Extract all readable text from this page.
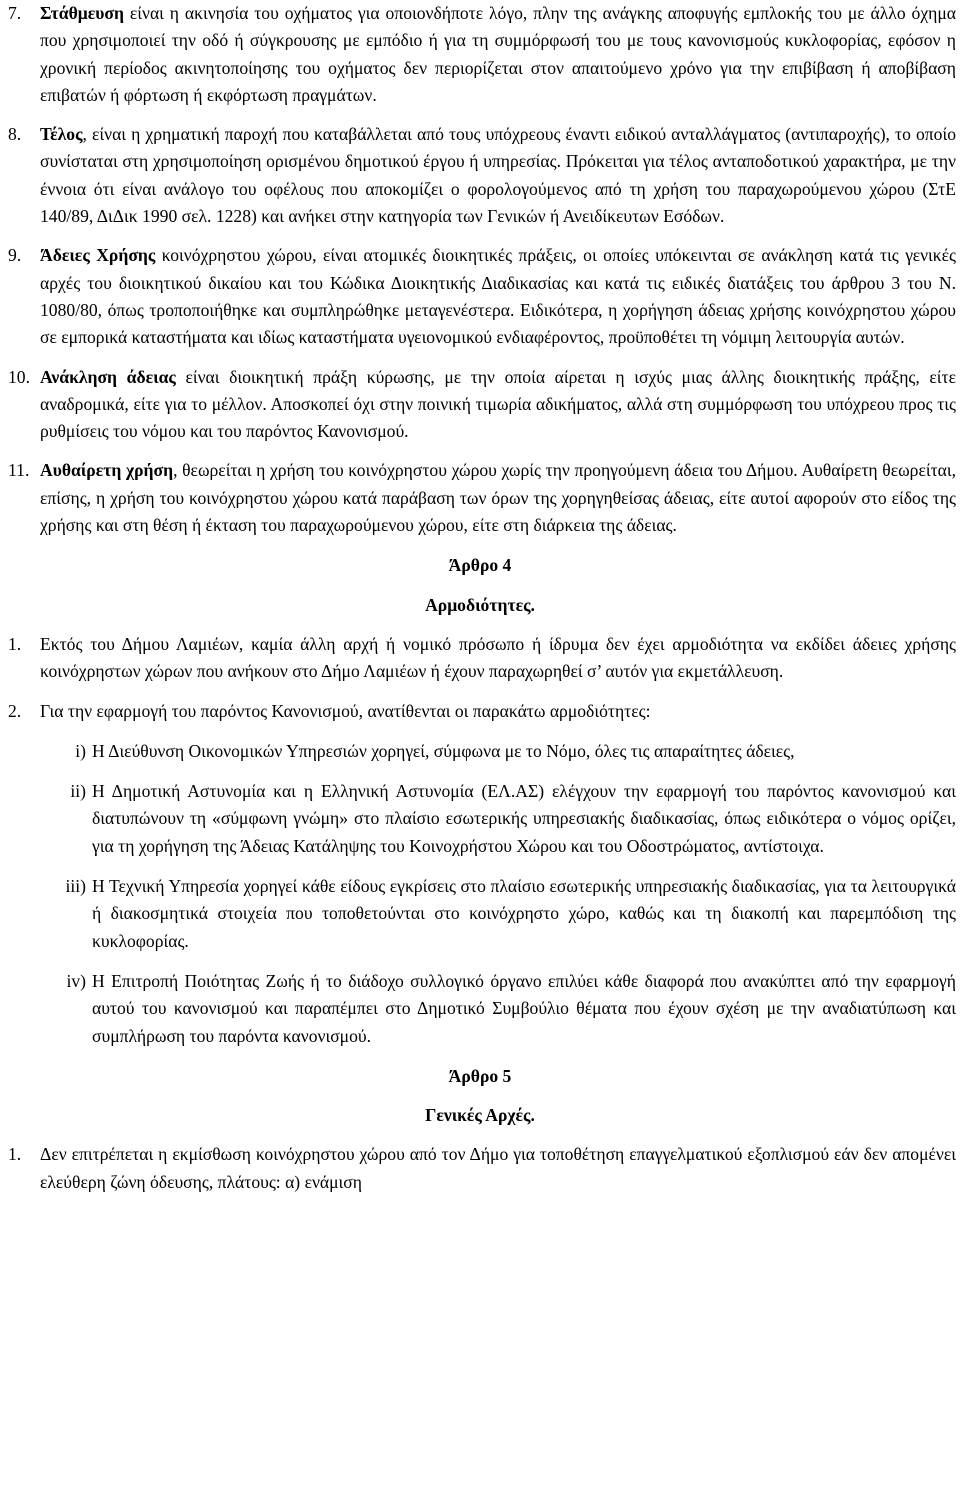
7. Στάθμευση είναι η ακινησία του οχήματος για οποιονδήποτε λόγο, πλην της ανάγκης αποφυγής εμπλοκής του με άλλο όχημα που χρησιμοποιεί την οδό ή σύγκρουσης με εμπόδιο ή για τη συμμόρφωσή του με τους κανονισμούς κυκλοφορίας, εφόσον η χρονική περίοδος ακινητοποίησης του οχήματος δεν περιορίζεται στον απαιτούμενο χρόνο για την επιβίβαση ή αποβίβαση επιβατών ή φόρτωση ή εκφόρτωση πραγμάτων.
8. Τέλος, είναι η χρηματική παροχή που καταβάλλεται από τους υπόχρεους έναντι ειδικού ανταλλάγματος (αντιπαροχής), το οποίο συνίσταται στη χρησιμοποίηση ορισμένου δημοτικού έργου ή υπηρεσίας. Πρόκειται για τέλος ανταποδοτικού χαρακτήρα, με την έννοια ότι είναι ανάλογο του οφέλους που αποκομίζει ο φορολογούμενος από τη χρήση του παραχωρούμενου χώρου (ΣτΕ 140/89, ΔιΔικ 1990 σελ. 1228) και ανήκει στην κατηγορία των Γενικών ή Ανειδίκευτων Εσόδων.
9. Άδειες Χρήσης κοινόχρηστου χώρου, είναι ατομικές διοικητικές πράξεις, οι οποίες υπόκεινται σε ανάκληση κατά τις γενικές αρχές του διοικητικού δικαίου και του Κώδικα Διοικητικής Διαδικασίας και κατά τις ειδικές διατάξεις του άρθρου 3 του Ν. 1080/80, όπως τροποποιήθηκε και συμπληρώθηκε μεταγενέστερα. Ειδικότερα, η χορήγηση άδειας χρήσης κοινόχρηστου χώρου σε εμπορικά καταστήματα και ιδίως καταστήματα υγειονομικού ενδιαφέροντος, προϋποθέτει τη νόμιμη λειτουργία αυτών.
10. Ανάκληση άδειας είναι διοικητική πράξη κύρωσης, με την οποία αίρεται η ισχύς μιας άλλης διοικητικής πράξης, είτε αναδρομικά, είτε για το μέλλον. Αποσκοπεί όχι στην ποινική τιμωρία αδικήματος, αλλά στη συμμόρφωση του υπόχρεου προς τις ρυθμίσεις του νόμου και του παρόντος Κανονισμού.
11. Αυθαίρετη χρήση, θεωρείται η χρήση του κοινόχρηστου χώρου χωρίς την προηγούμενη άδεια του Δήμου. Αυθαίρετη θεωρείται, επίσης, η χρήση του κοινόχρηστου χώρου κατά παράβαση των όρων της χορηγηθείσας άδειας, είτε αυτοί αφορούν στο είδος της χρήσης και στη θέση ή έκταση του παραχωρούμενου χώρου, είτε στη διάρκεια της άδειας.
Άρθρο 4
Αρμοδιότητες.
1. Εκτός του Δήμου Λαμιέων, καμία άλλη αρχή ή νομικό πρόσωπο ή ίδρυμα δεν έχει αρμοδιότητα να εκδίδει άδειες χρήσης κοινόχρηστων χώρων που ανήκουν στο Δήμο Λαμιέων ή έχουν παραχωρηθεί σ’ αυτόν για εκμετάλλευση.
2. Για την εφαρμογή του παρόντος Κανονισμού, ανατίθενται οι παρακάτω αρμοδιότητες:
i) Η Διεύθυνση Οικονομικών Υπηρεσιών χορηγεί, σύμφωνα με το Νόμο, όλες τις απαραίτητες άδειες,
ii) Η Δημοτική Αστυνομία και η Ελληνική Αστυνομία (ΕΛ.ΑΣ) ελέγχουν την εφαρμογή του παρόντος κανονισμού και διατυπώνουν τη «σύμφωνη γνώμη» στο πλαίσιο εσωτερικής υπηρεσιακής διαδικασίας, όπως ειδικότερα ο νόμος ορίζει, για τη χορήγηση της Άδειας Κατάληψης του Κοινοχρήστου Χώρου και του Οδοστρώματος, αντίστοιχα.
iii) Η Τεχνική Υπηρεσία χορηγεί κάθε είδους εγκρίσεις στο πλαίσιο εσωτερικής υπηρεσιακής διαδικασίας, για τα λειτουργικά ή διακοσμητικά στοιχεία που τοποθετούνται στο κοινόχρηστο χώρο, καθώς και τη διακοπή και παρεμπόδιση της κυκλοφορίας.
iv) Η Επιτροπή Ποιότητας Ζωής ή το διάδοχο συλλογικό όργανο επιλύει κάθε διαφορά που ανακύπτει από την εφαρμογή αυτού του κανονισμού και παραπέμπει στο Δημοτικό Συμβούλιο θέματα που έχουν σχέση με την αναδιατύπωση και συμπλήρωση του παρόντα κανονισμού.
Άρθρο 5
Γενικές Αρχές.
1. Δεν επιτρέπεται η εκμίσθωση κοινόχρηστου χώρου από τον Δήμο για τοποθέτηση επαγγελματικού εξοπλισμού εάν δεν απομένει ελεύθερη ζώνη όδευσης, πλάτους: α) ενάμιση
